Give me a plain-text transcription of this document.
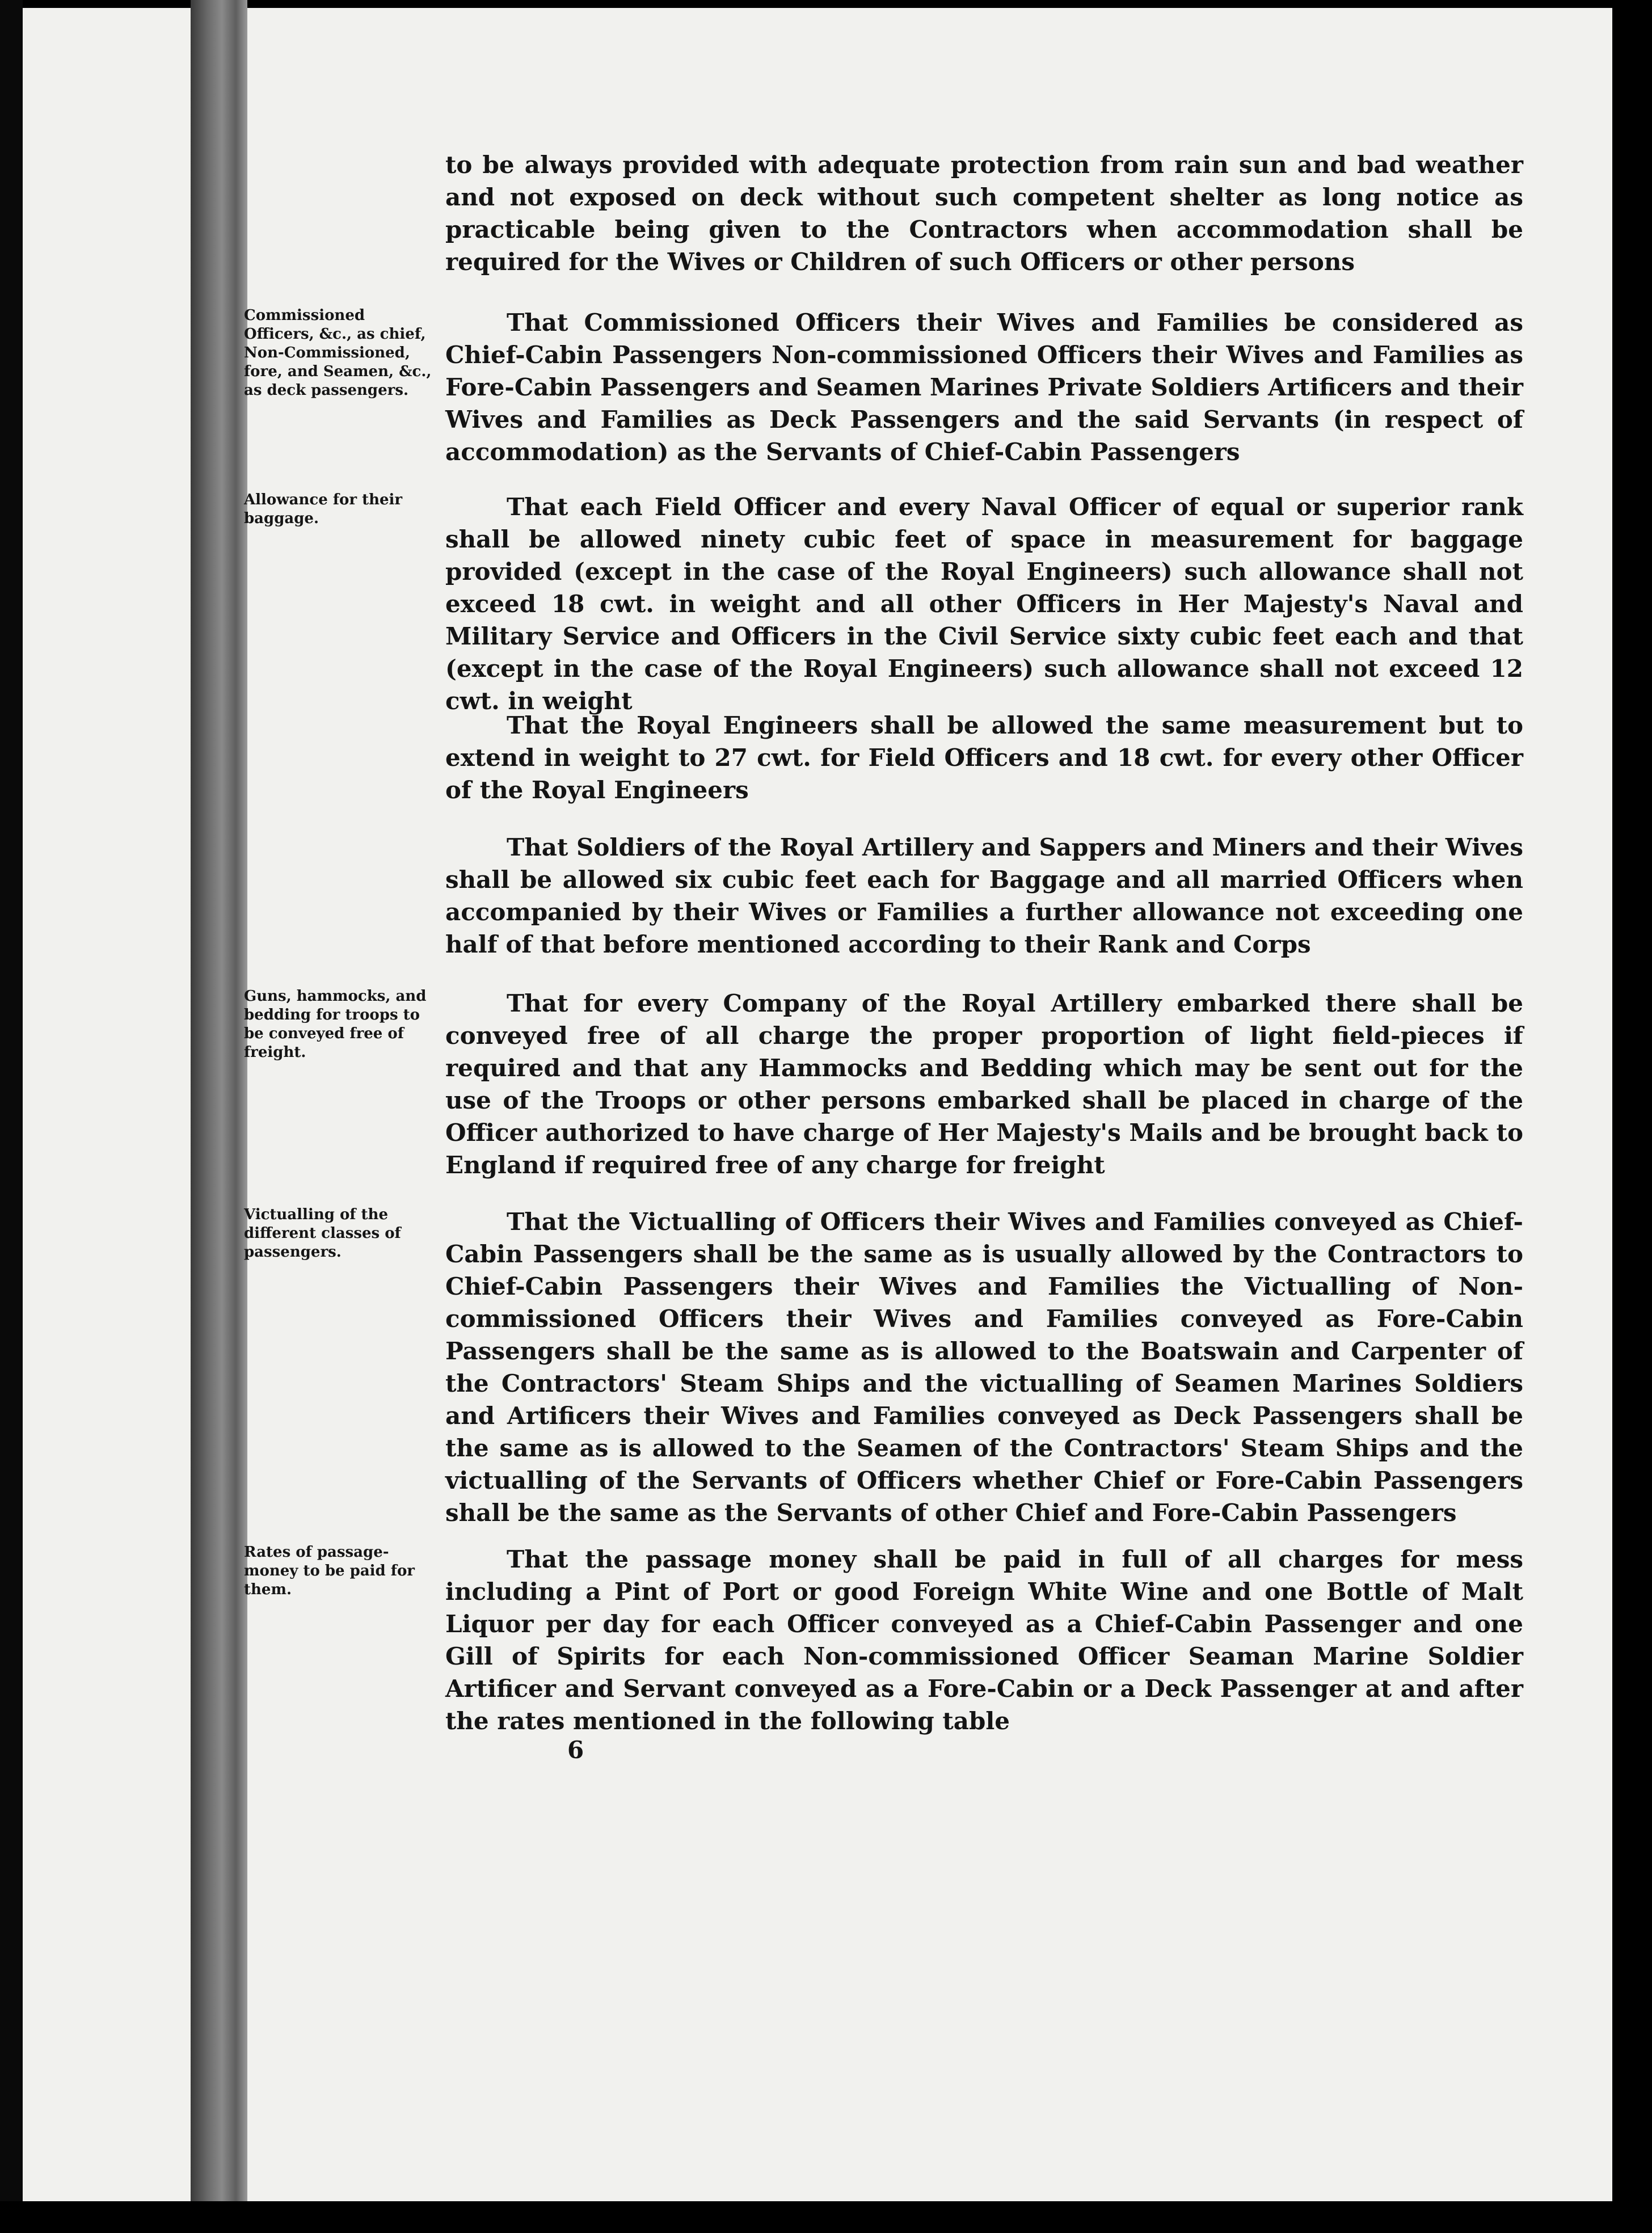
to be always provided with adequate protection from rain sun and bad weather and not exposed on deck without such competent shelter as long notice as practicable being given to the Contractors when accommodation shall be required for the Wives or Children of such Officers or other persons
Commissioned Officers, &c., as chief, Non-Commissioned, fore, and Seamen, &c., as deck passengers.
That Commissioned Officers their Wives and Families be considered as Chief-Cabin Passengers Non-commissioned Officers their Wives and Families as Fore-Cabin Passengers and Seamen Marines Private Soldiers Artificers and their Wives and Families as Deck Passengers and the said Servants (in respect of accommodation) as the Servants of Chief-Cabin Passengers
Allowance for their baggage.	That each Field Officer and every Naval Officer of equal or superior rank shall be allowed ninety cubic feet of space in measurement for baggage provided (except in the case of the Royal Engineers) such allowance shall not exceed 18 cwt. in weight and all other Officers in Her Majesty's Naval and Military Service and Officers in the Civil Service sixty cubic feet each and that (except in the case of the Royal Engineers) such allowance shall not exceed 12 cwt. in weight
That the Royal Engineers shall be allowed the same measurement but to extend in weight to 27 cwt. for Field Officers and 18 cwt. for every other Officer of the Royal Engineers
That Soldiers of the Royal Artillery and Sappers and Miners and their Wives shall be allowed six cubic feet each for Baggage and all married Officers when accompanied by their Wives or Families a further allowance not exceeding one half of that before mentioned according to their Rank and Corps
Guns, hammocks, and bedding for troops to be conveyed free of freight.
That for every Company of the Royal Artillery embarked there shall be conveyed free of all charge the proper proportion of light field-pieces if required and that any Hammocks and Bedding which may be sent out for the use of the Troops or other persons embarked shall be placed in charge of the Officer authorized to have charge of Her Majesty's Mails and be brought back to England if required free of any charge for freight
Victualling of the different classes of passengers.
That the Victualling of Officers their Wives and Families conveyed as Chief-Cabin Passengers shall be the same as is usually allowed by the Contractors to Chief-Cabin Passengers their Wives and Families the Victualling of Non-commissioned Officers their Wives and Families conveyed as Fore-Cabin Passengers shall be the same as is allowed to the Boatswain and Carpenter of the Contractors' Steam Ships and the victualling of Seamen Marines Soldiers and Artificers their Wives and Families conveyed as Deck Passengers shall be the same as is allowed to the Seamen of the Contractors' Steam Ships and the victualling of the Servants of Officers whether Chief or Fore-Cabin Passengers shall be the same as the Servants of other Chief and Fore-Cabin Passengers
Rates of passage-money to be paid for them.
That the passage money shall be paid in full of all charges for mess including a Pint of Port or good Foreign White Wine and one Bottle of Malt Liquor per day for each Officer conveyed as a Chief-Cabin Passenger and one Gill of Spirits for each Non-commissioned Officer Seaman Marine Soldier Artificer and Servant conveyed as a Fore-Cabin or a Deck Passenger at and after the rates mentioned in the following table
6
